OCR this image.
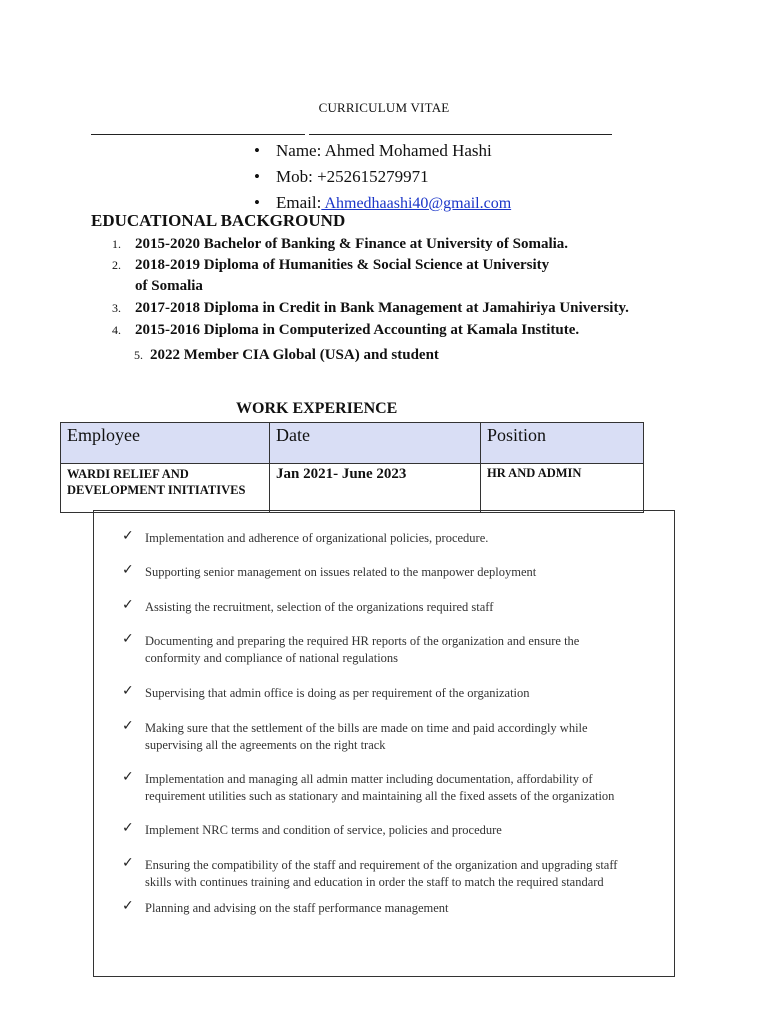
CURRICULUM VITAE
• Name: Ahmed Mohamed Hashi
• Mob: +252615279971
• Email: Ahmedhaashi40@gmail.com
EDUCATIONAL BACKGROUND
1. 2015-2020 Bachelor of Banking & Finance at University of Somalia.
2. 2018-2019 Diploma of Humanities & Social Science at University
of Somalia
3. 2017-2018 Diploma in Credit in Bank Management at Jamahiriya University.
4. 2015-2016 Diploma in Computerized Accounting at Kamala Institute.
5. 2022 Member CIA Global (USA) and student
WORK EXPERIENCE
Employee	Date	Position

WARDI RELIEF AND
DEVELOPMENT INITIATIVES	Jan 2021- June 2023	HR AND ADMIN
✓ Implementation and adherence of organizational policies, procedure.
✓ Supporting senior management on issues related to the manpower deployment
✓ Assisting the recruitment, selection of the organizations required staff
✓ Documenting and preparing the required HR reports of the organization and ensure the
conformity and compliance of national regulations
✓ Supervising that admin office is doing as per requirement of the organization
✓ Making sure that the settlement of the bills are made on time and paid accordingly while
supervising all the agreements on the right track
✓ Implementation and managing all admin matter including documentation, affordability of
requirement utilities such as stationary and maintaining all the fixed assets of the organization
✓ Implement NRC terms and condition of service, policies and procedure
✓ Ensuring the compatibility of the staff and requirement of the organization and upgrading staff
skills with continues training and education in order the staff to match the required standard
✓ Planning and advising on the staff performance management
